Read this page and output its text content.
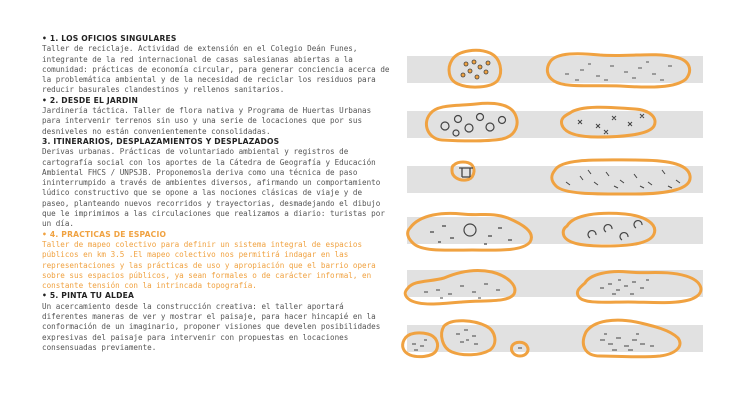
• 1. LOS OFICIOS SINGULARES
Taller de reciclaje. Actividad de extensión en el Colegio Deán Funes, integrante de la red internacional de casas salesianas abiertas a la comunidad: prácticas de economía circular, para generar conciencia acerca de la problemática ambiental y de la necesidad de reciclar los residuos para reducir basurales clandestinos y rellenos sanitarios.

• 2. DESDE EL JARDIN
Jardinería táctica. Taller de flora nativa y Programa de Huertas Urbanas para intervenir terrenos sin uso y una serie de locaciones que por sus desniveles no están convenientemente consolidadas.

3. ITINERARIOS, DESPLAZAMIENTOS Y DESPLAZADOS
Derivas urbanas. Prácticas de voluntariado ambiental y registros de cartografía social con los aportes de la Cátedra de Geografía y Educación Ambiental FHCS / UNPSJB. Proponemosla deriva como una técnica de paso ininterrumpido a través de ambientes diversos, afirmando un comportamiento lúdico constructivo que se opone a las nociones clásicas de viaje y de paseo, planteando nuevos recorridos y trayectorias, desmadejando el dibujo que le imprimimos a las circulaciones que realizamos a diario: turistas por un día.

• 4. PRACTICAS DE ESPACIO
Taller de mapeo colectivo para definir un sistema integral de espacios públicos en km 3.5 .El mapeo colectivo nos permitirá indagar en las representaciones y las prácticas de uso y apropiación que el barrio opera sobre sus espacios públicos, ya sean formales o de carácter informal, en constante tensión con la intrincada topografía.

• 5. PINTA TU ALDEA
Un acercamiento desde la construcción creativa: el taller aportará diferentes maneras de ver y mostrar el paisaje, para hacer hincapié en la conformación de un imaginario, proponer visiones que develen posibilidades expresivas del paisaje para intervenir con propuestas en locaciones consensuadas previamente.
